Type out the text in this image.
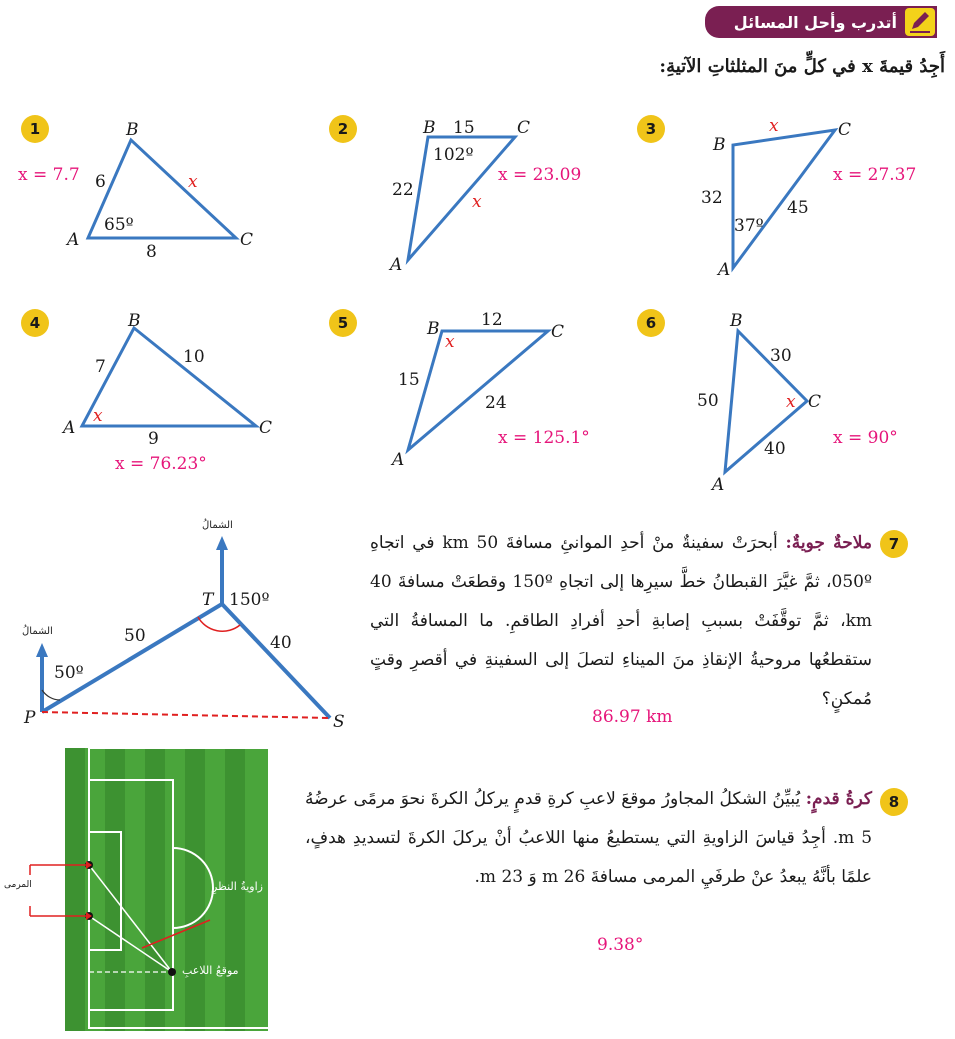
أتدرب وأحل المسائل
أَجِدُ قيمةَ x في كلٍّ منَ المثلثاتِ الآتيةِ:
1	2	3
4	5	6
x = 7.7	x = 23.09	x = 27.37
x = 76.23°
x = 125.1°	x = 90°
B
A	C
6
8
65º
x
B	C
A
15
22
102º
x
B
C
A
32	45
37º
x
B
A	C
7	10
9
x
B	C
A
12
15
24
x
B
C
A
30
50
40
x
الشمالُ
الشمالُ
T
P	S
150º
50º
50	40
7
ملاحةٌ جويةٌ: أبحرَتْ سفينةٌ منْ أحدِ الموانئِ مسافةَ 50 km في اتجاهِ 050º، ثمَّ غيَّرَ القبطانُ خطَّ سيرِها إلى اتجاهِ 150º وقطعَتْ مسافةَ 40 km، ثمَّ توقَّفَتْ بسببِ إصابةِ أحدِ أفرادِ الطاقمِ. ما المسافةُ التي ستقطعُها مروحيةُ الإنقاذِ منَ الميناءِ لتصلَ إلى السفينةِ في أقصرِ وقتٍ مُمكنٍ؟
86.97 km
المرمى	زاويةُ النظرِ
موقعُ اللاعبِ
8
كرةُ قدمٍ: يُبيِّنُ الشكلُ المجاورُ موقعَ لاعبِ كرةِ قدمٍ يركلُ الكرةَ نحوَ مرمًى عرضُهُ 5 m. أجِدُ قياسَ الزاويةِ التي يستطيعُ منها اللاعبُ أنْ يركلَ الكرةَ لتسديدِ هدفٍ، علمًا بأنَّهُ يبعدُ عنْ طرفَيِ المرمى مسافةَ 26 m وَ 23 m.
9.38°
